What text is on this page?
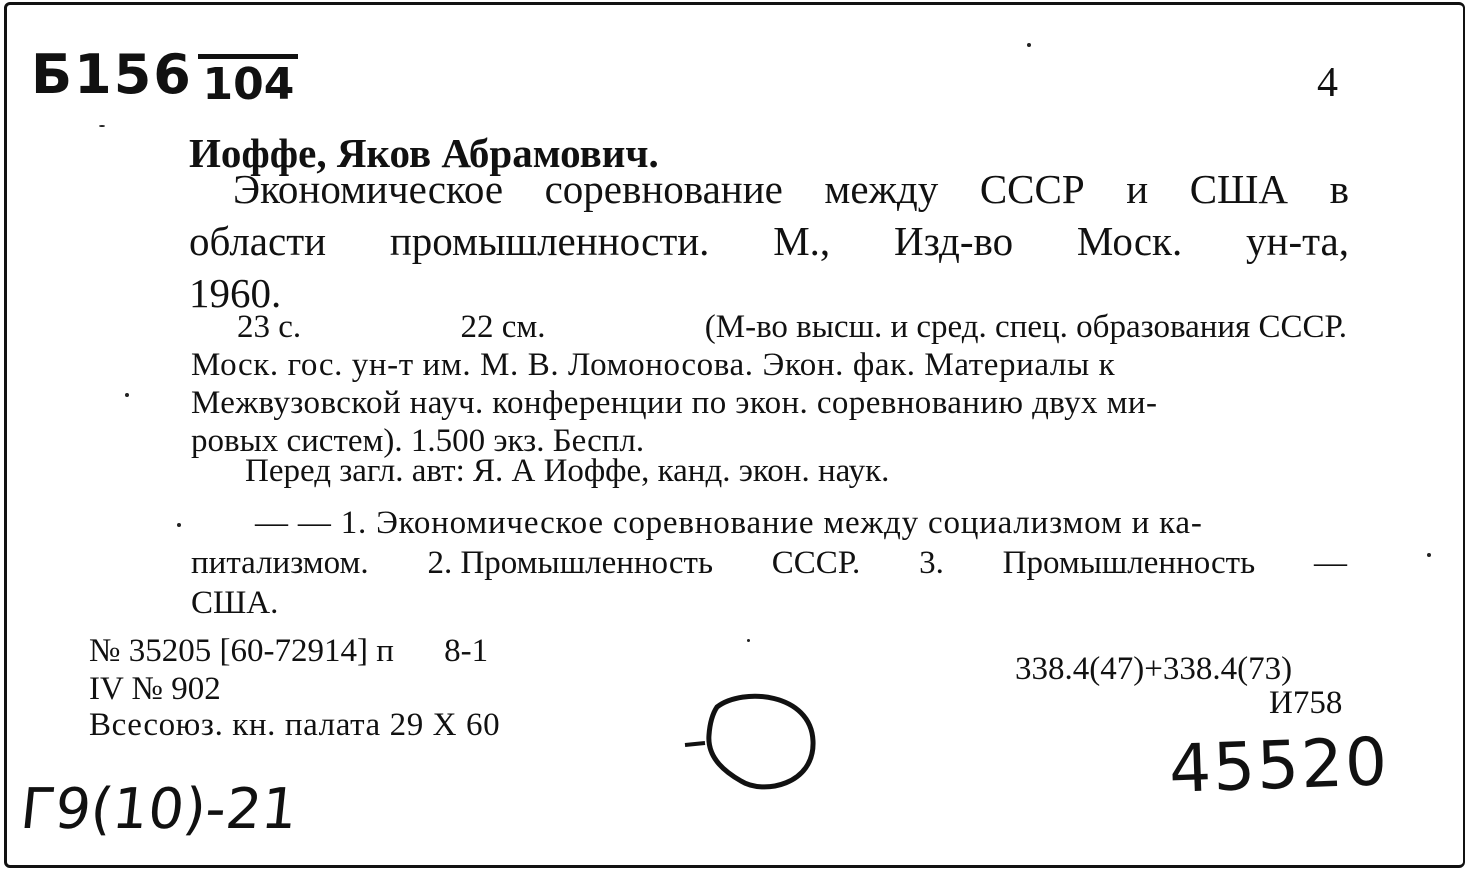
Б156 104	4
Иоффе, Яков Абрамович.
Экономическое соревнование между СССР и США в
области промышленности. М., Изд-во Моск. ун-та,
1960.
23 с.	22 см.	(М-во высш. и сред. спец. образования СССР.
Моск. гос. ун-т им. М. В. Ломоносова. Экон. фак. Материалы к
Межвузовской науч. конференции по экон. соревнованию двух ми-
ровых систем). 1.500 экз. Беспл.
Перед загл. авт: Я. А Иоффе, канд. экон. наук.
— — 1. Экономическое соревнование между социализмом и ка-
питализмом. 2. Промышленность СССР. 3. Промышленность —
США.
№ 35205 [60-72914] п 8-1
IV № 902
Всесоюз. кн. палата 29 X 60
338.4(47)+338.4(73)
И758
Г9(10)-21
45520
